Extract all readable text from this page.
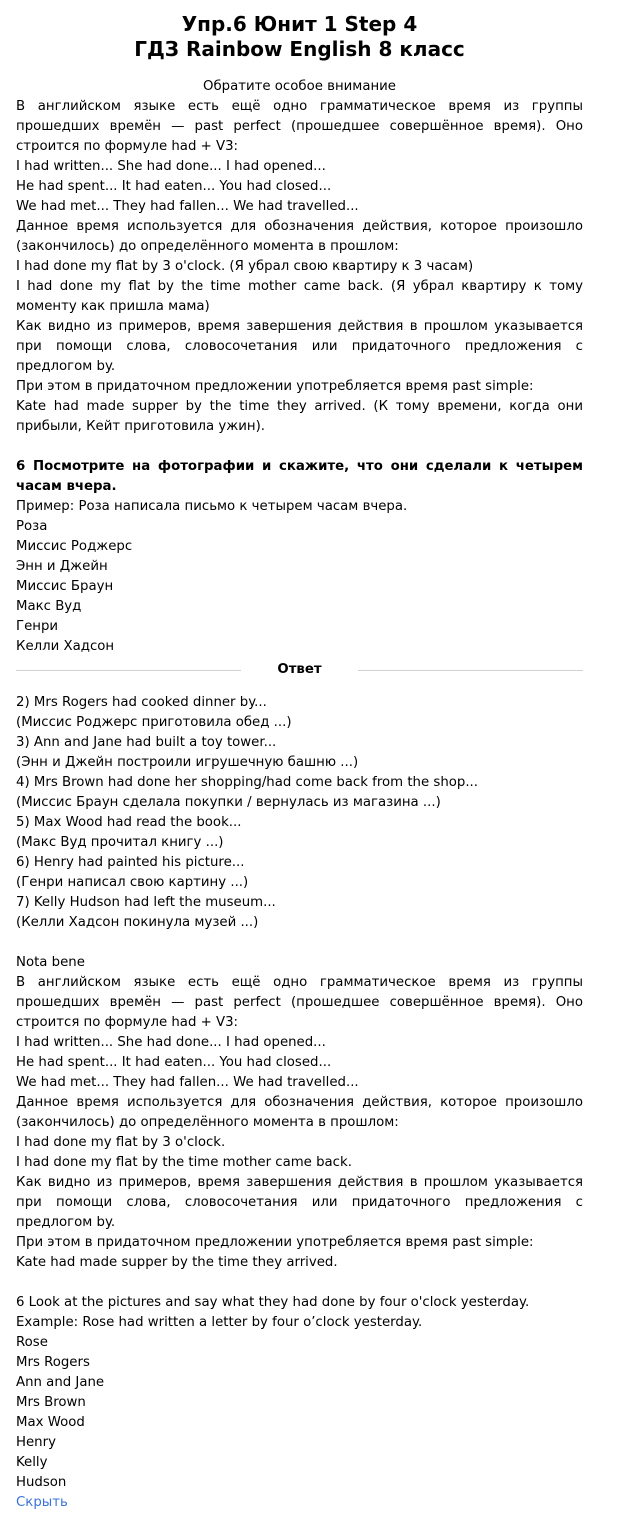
Упр.6 Юнит 1 Step 4
ГДЗ Rainbow English 8 класс

Обратите особое внимание

В английском языке есть ещё одно грамматическое время из группы прошедших времён — past perfect (прошедшее совершённое время). Оно строится по формуле had + V3:

I had written... She had done... I had opened...

He had spent... It had eaten... You had closed...

We had met... They had fallen... We had travelled...

Данное время используется для обозначения действия, которое произошло (закончилось) до определённого момента в прошлом:

I had done my flat by 3 o'clock. (Я убрал свою квартиру к 3 часам)

I had done my flat by the time mother came back. (Я убрал квартиру к тому моменту как пришла мама)

Как видно из примеров, время завершения действия в прошлом указывается при помощи слова, словосочетания или придаточного предложения с предлогом by.

При этом в придаточном предложении употребляется время past simple:

Kate had made supper by the time they arrived. (К тому времени, когда они прибыли, Кейт приготовила ужин).

6 Посмотрите на фотографии и скажите, что они сделали к четырем часам вчера.

Пример: Роза написала письмо к четырем часам вчера.

Роза

Миссис Роджерс

Энн и Джейн

Миссис Браун

Макс Вуд

Генри

Келли Хадсон

Ответ

2) Mrs Rogers had cooked dinner by...

(Миссис Роджерс приготовила обед ...)

3) Ann and Jane had built a toy tower...

(Энн и Джейн построили игрушечную башню ...)

4) Mrs Brown had done her shopping/had come back from the shop...

(Миссис Браун сделала покупки / вернулась из магазина ...)

5) Max Wood had read the book...

(Макс Вуд прочитал книгу ...)

6) Henry had painted his picture...

(Генри написал свою картину ...)

7) Kelly Hudson had left the museum...

(Келли Хадсон покинула музей ...)

Nota bene

В английском языке есть ещё одно грамматическое время из группы прошедших времён — past perfect (прошедшее совершённое время). Оно строится по формуле had + V3:

I had written... She had done... I had opened...

He had spent... It had eaten... You had closed...

We had met... They had fallen... We had travelled...

Данное время используется для обозначения действия, которое произошло (закончилось) до определённого момента в прошлом:

I had done my flat by 3 o'clock.

I had done my flat by the time mother came back.

Как видно из примеров, время завершения действия в прошлом указывается при помощи слова, словосочетания или придаточного предложения с предлогом by.

При этом в придаточном предложении употребляется время past simple:

Kate had made supper by the time they arrived.

6 Look at the pictures and say what they had done by four o'clock yesterday.

Example: Rose had written a letter by four o’clock yesterday.

Rose

Mrs Rogers

Ann and Jane

Mrs Brown

Max Wood

Henry

Kelly

Hudson

Скрыть
